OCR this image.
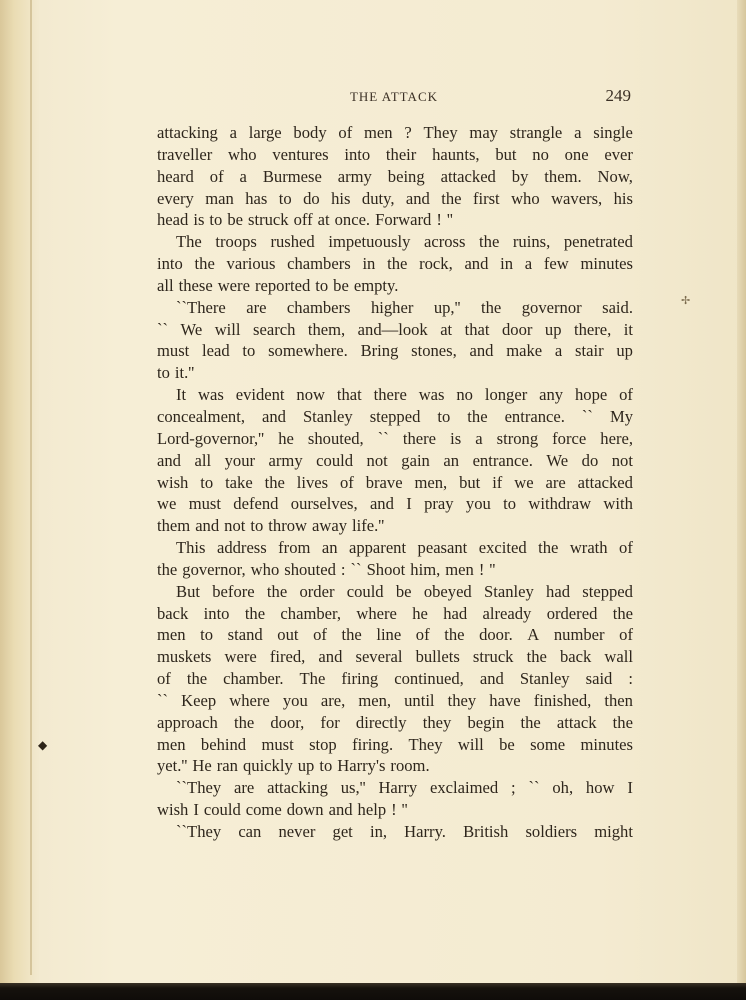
THE ATTACK	249
attacking a large body of men ? They may strangle a single
traveller who ventures into their haunts, but no one ever
heard of a Burmese army being attacked by them. Now,
every man has to do his duty, and the first who wavers, his
head is to be struck off at once. Forward ! ''
The troops rushed impetuously across the ruins, penetrated
into the various chambers in the rock, and in a few minutes
all these were reported to be empty.
``There are chambers higher up,'' the governor said.
`` We will search them, and—look at that door up there, it
must lead to somewhere. Bring stones, and make a stair up
to it.''
It was evident now that there was no longer any hope of
concealment, and Stanley stepped to the entrance. `` My
Lord-governor,'' he shouted, `` there is a strong force here,
and all your army could not gain an entrance. We do not
wish to take the lives of brave men, but if we are attacked
we must defend ourselves, and I pray you to withdraw with
them and not to throw away life.''
This address from an apparent peasant excited the wrath of
the governor, who shouted : `` Shoot him, men ! ''
But before the order could be obeyed Stanley had stepped
back into the chamber, where he had already ordered the
men to stand out of the line of the door. A number of
muskets were fired, and several bullets struck the back wall
of the chamber. The firing continued, and Stanley said :
`` Keep where you are, men, until they have finished, then
approach the door, for directly they begin the attack the
men behind must stop firing. They will be some minutes
yet.'' He ran quickly up to Harry's room.
``They are attacking us,'' Harry exclaimed ; `` oh, how I
wish I could come down and help ! ''
``They can never get in, Harry. British soldiers might
✢
◆
